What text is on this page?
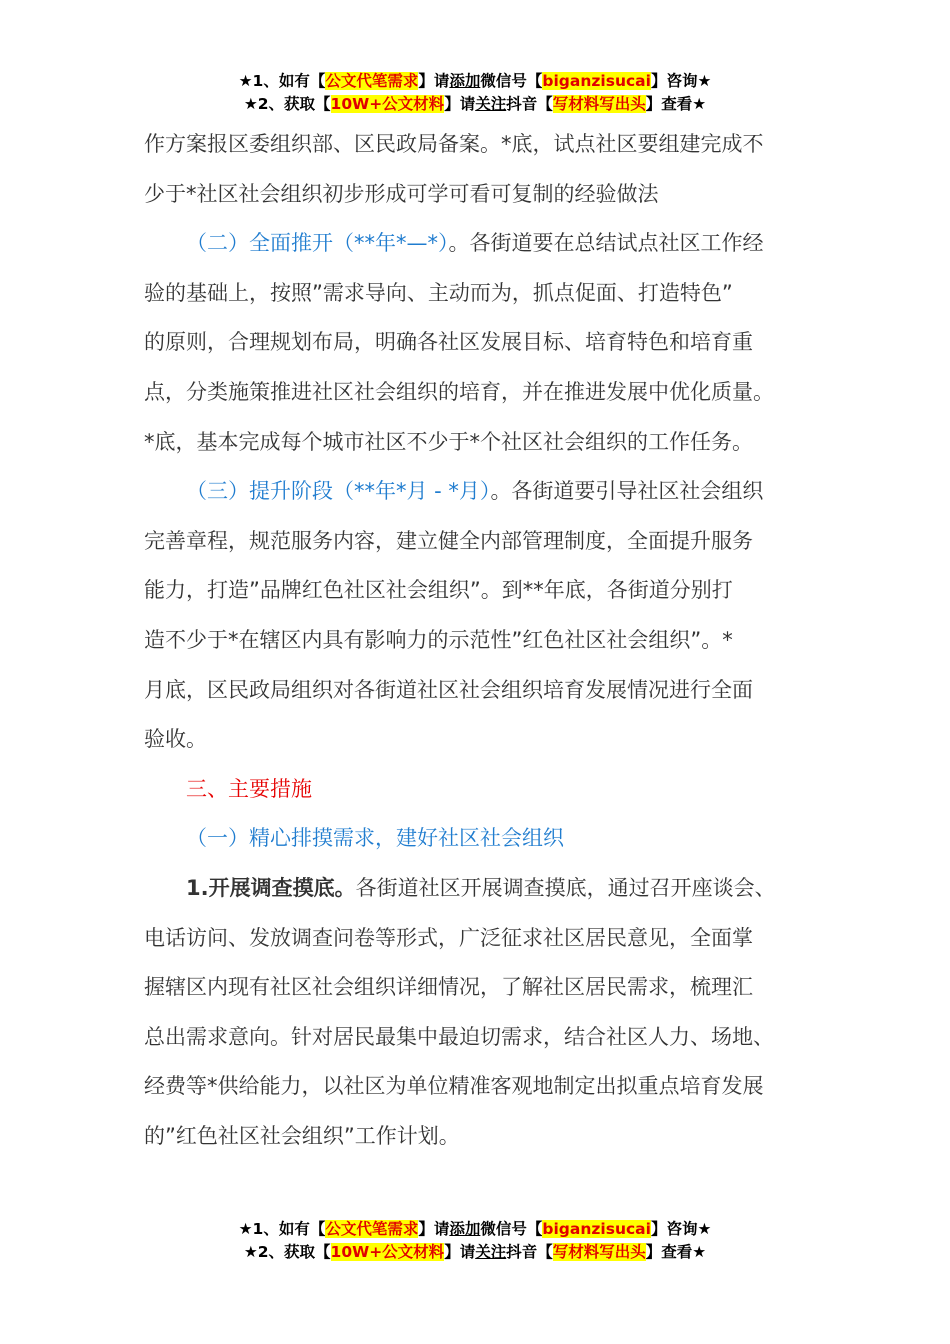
★1、如有【公文代笔需求】请添加微信号【biganzisucai】咨询★
★2、获取【10W+公文材料】请关注抖音【写材料写出头】查看★

作方案报区委组织部、区民政局备案。*底，试点社区要组建完成不

少于*社区社会组织初步形成可学可看可复制的经验做法

（二）全面推开（**年*—*）。各街道要在总结试点社区工作经

验的基础上，按照”需求导向、主动而为，抓点促面、打造特色”

的原则，合理规划布局，明确各社区发展目标、培育特色和培育重

点，分类施策推进社区社会组织的培育，并在推进发展中优化质量。

*底，基本完成每个城市社区不少于*个社区社会组织的工作任务。

（三）提升阶段（**年*月 - *月）。各街道要引导社区社会组织

完善章程，规范服务内容，建立健全内部管理制度，全面提升服务

能力，打造”品牌红色社区社会组织”。到**年底，各街道分别打

造不少于*在辖区内具有影响力的示范性”红色社区社会组织”。*

月底，区民政局组织对各街道社区社会组织培育发展情况进行全面

验收。

三、主要措施

（一）精心排摸需求，建好社区社会组织

1.开展调查摸底。各街道社区开展调查摸底，通过召开座谈会、

电话访问、发放调查问卷等形式，广泛征求社区居民意见，全面掌

握辖区内现有社区社会组织详细情况，了解社区居民需求，梳理汇

总出需求意向。针对居民最集中最迫切需求，结合社区人力、场地、

经费等*供给能力，以社区为单位精准客观地制定出拟重点培育发展

的”红色社区社会组织”工作计划。

★1、如有【公文代笔需求】请添加微信号【biganzisucai】咨询★
★2、获取【10W+公文材料】请关注抖音【写材料写出头】查看★
